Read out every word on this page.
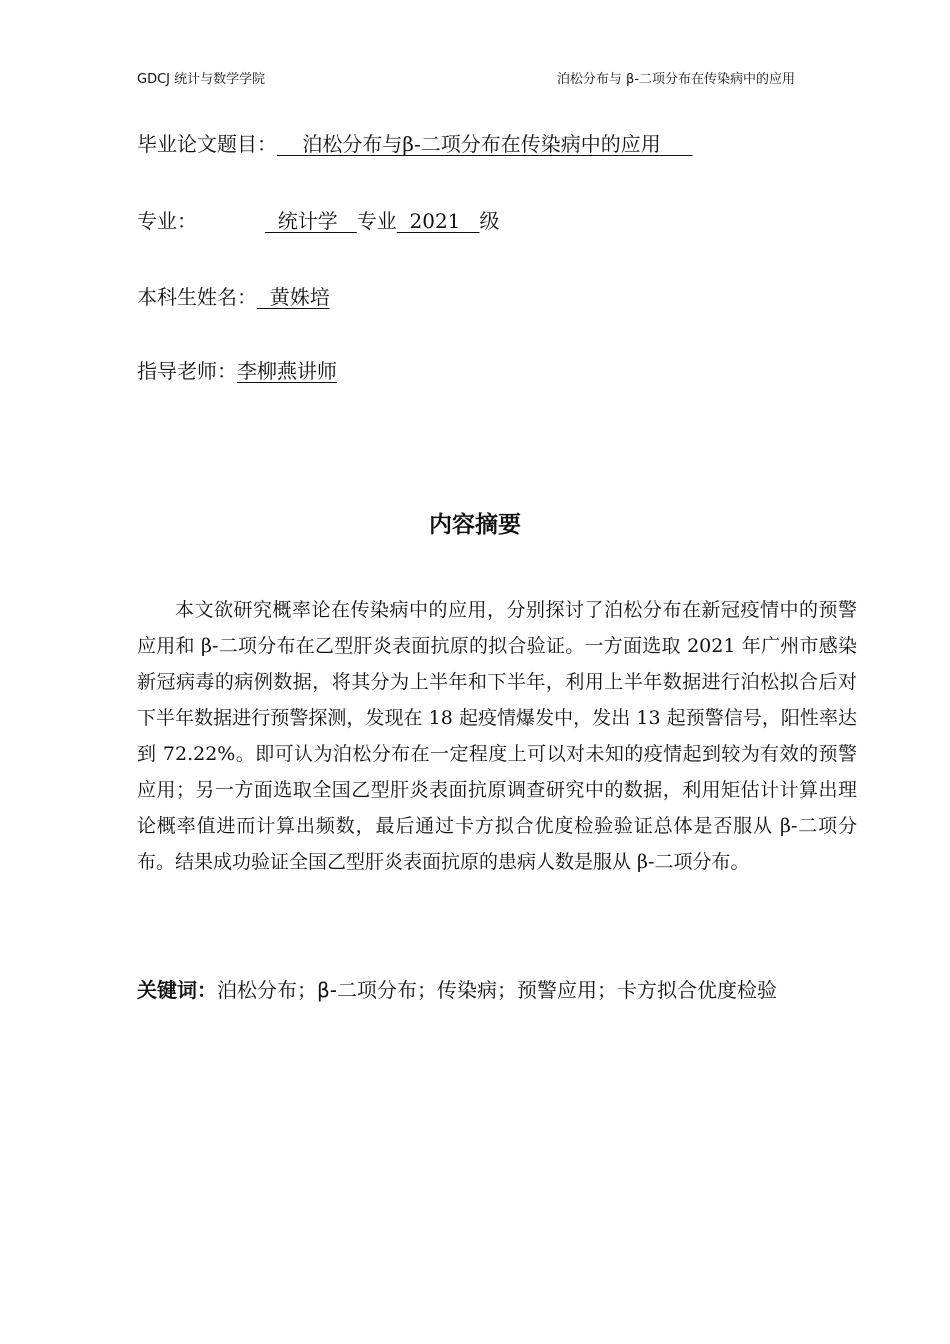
GDCJ 统计与数学学院	泊松分布与 β-二项分布在传染病中的应用
毕业论文题目：    泊松分布与β-二项分布在传染病中的应用
专业：	统计学   专业  2021   级
本科生姓名：  黄姝培
指导老师：李柳燕讲师
内容摘要

本文欲研究概率论在传染病中的应用，分别探讨了泊松分布在新冠疫情中的预警应用和 β-二项分布在乙型肝炎表面抗原的拟合验证。一方面选取 2021 年广州市感染新冠病毒的病例数据，将其分为上半年和下半年，利用上半年数据进行泊松拟合后对下半年数据进行预警探测，发现在 18 起疫情爆发中，发出 13 起预警信号，阳性率达到 72.22%。即可认为泊松分布在一定程度上可以对未知的疫情起到较为有效的预警应用；另一方面选取全国乙型肝炎表面抗原调查研究中的数据，利用矩估计计算出理论概率值进而计算出频数，最后通过卡方拟合优度检验验证总体是否服从 β-二项分布。结果成功验证全国乙型肝炎表面抗原的患病人数是服从 β-二项分布。

关键词： 泊松分布；β-二项分布；传染病；预警应用；卡方拟合优度检验
